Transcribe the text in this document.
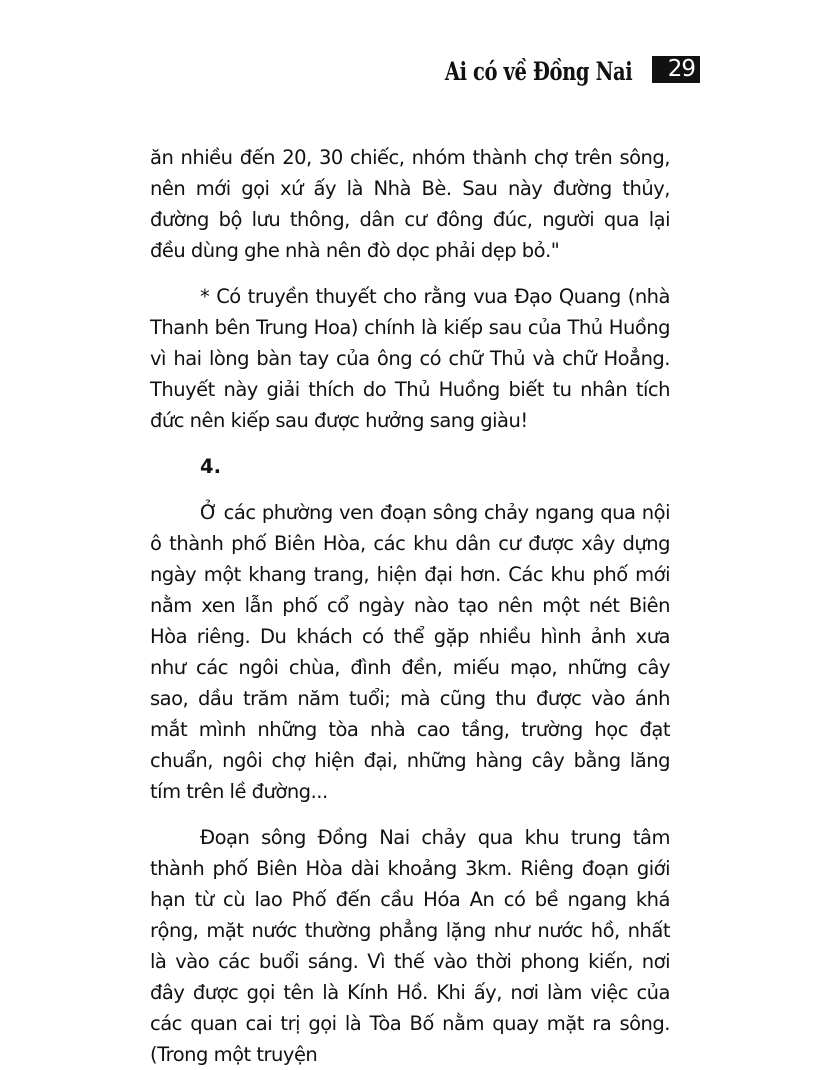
Ai có về Đồng Nai 29

ăn nhiều đến 20, 30 chiếc, nhóm thành chợ trên sông, nên mới gọi xứ ấy là Nhà Bè. Sau này đường thủy, đường bộ lưu thông, dân cư đông đúc, người qua lại đều dùng ghe nhà nên đò dọc phải dẹp bỏ."

* Có truyền thuyết cho rằng vua Đạo Quang (nhà Thanh bên Trung Hoa) chính là kiếp sau của Thủ Huồng vì hai lòng bàn tay của ông có chữ Thủ và chữ Hoẳng. Thuyết này giải thích do Thủ Huồng biết tu nhân tích đức nên kiếp sau được hưởng sang giàu!

4.

Ở các phường ven đoạn sông chảy ngang qua nội ô thành phố Biên Hòa, các khu dân cư được xây dựng ngày một khang trang, hiện đại hơn. Các khu phố mới nằm xen lẫn phố cổ ngày nào tạo nên một nét Biên Hòa riêng. Du khách có thể gặp nhiều hình ảnh xưa như các ngôi chùa, đình đền, miếu mạo, những cây sao, dầu trăm năm tuổi; mà cũng thu được vào ánh mắt mình những tòa nhà cao tầng, trường học đạt chuẩn, ngôi chợ hiện đại, những hàng cây bằng lăng tím trên lề đường...

Đoạn sông Đồng Nai chảy qua khu trung tâm thành phố Biên Hòa dài khoảng 3km. Riêng đoạn giới hạn từ cù lao Phố đến cầu Hóa An có bề ngang khá rộng, mặt nước thường phẳng lặng như nước hồ, nhất là vào các buổi sáng. Vì thế vào thời phong kiến, nơi đây được gọi tên là Kính Hồ. Khi ấy, nơi làm việc của các quan cai trị gọi là Tòa Bố nằm quay mặt ra sông. (Trong một truyện
